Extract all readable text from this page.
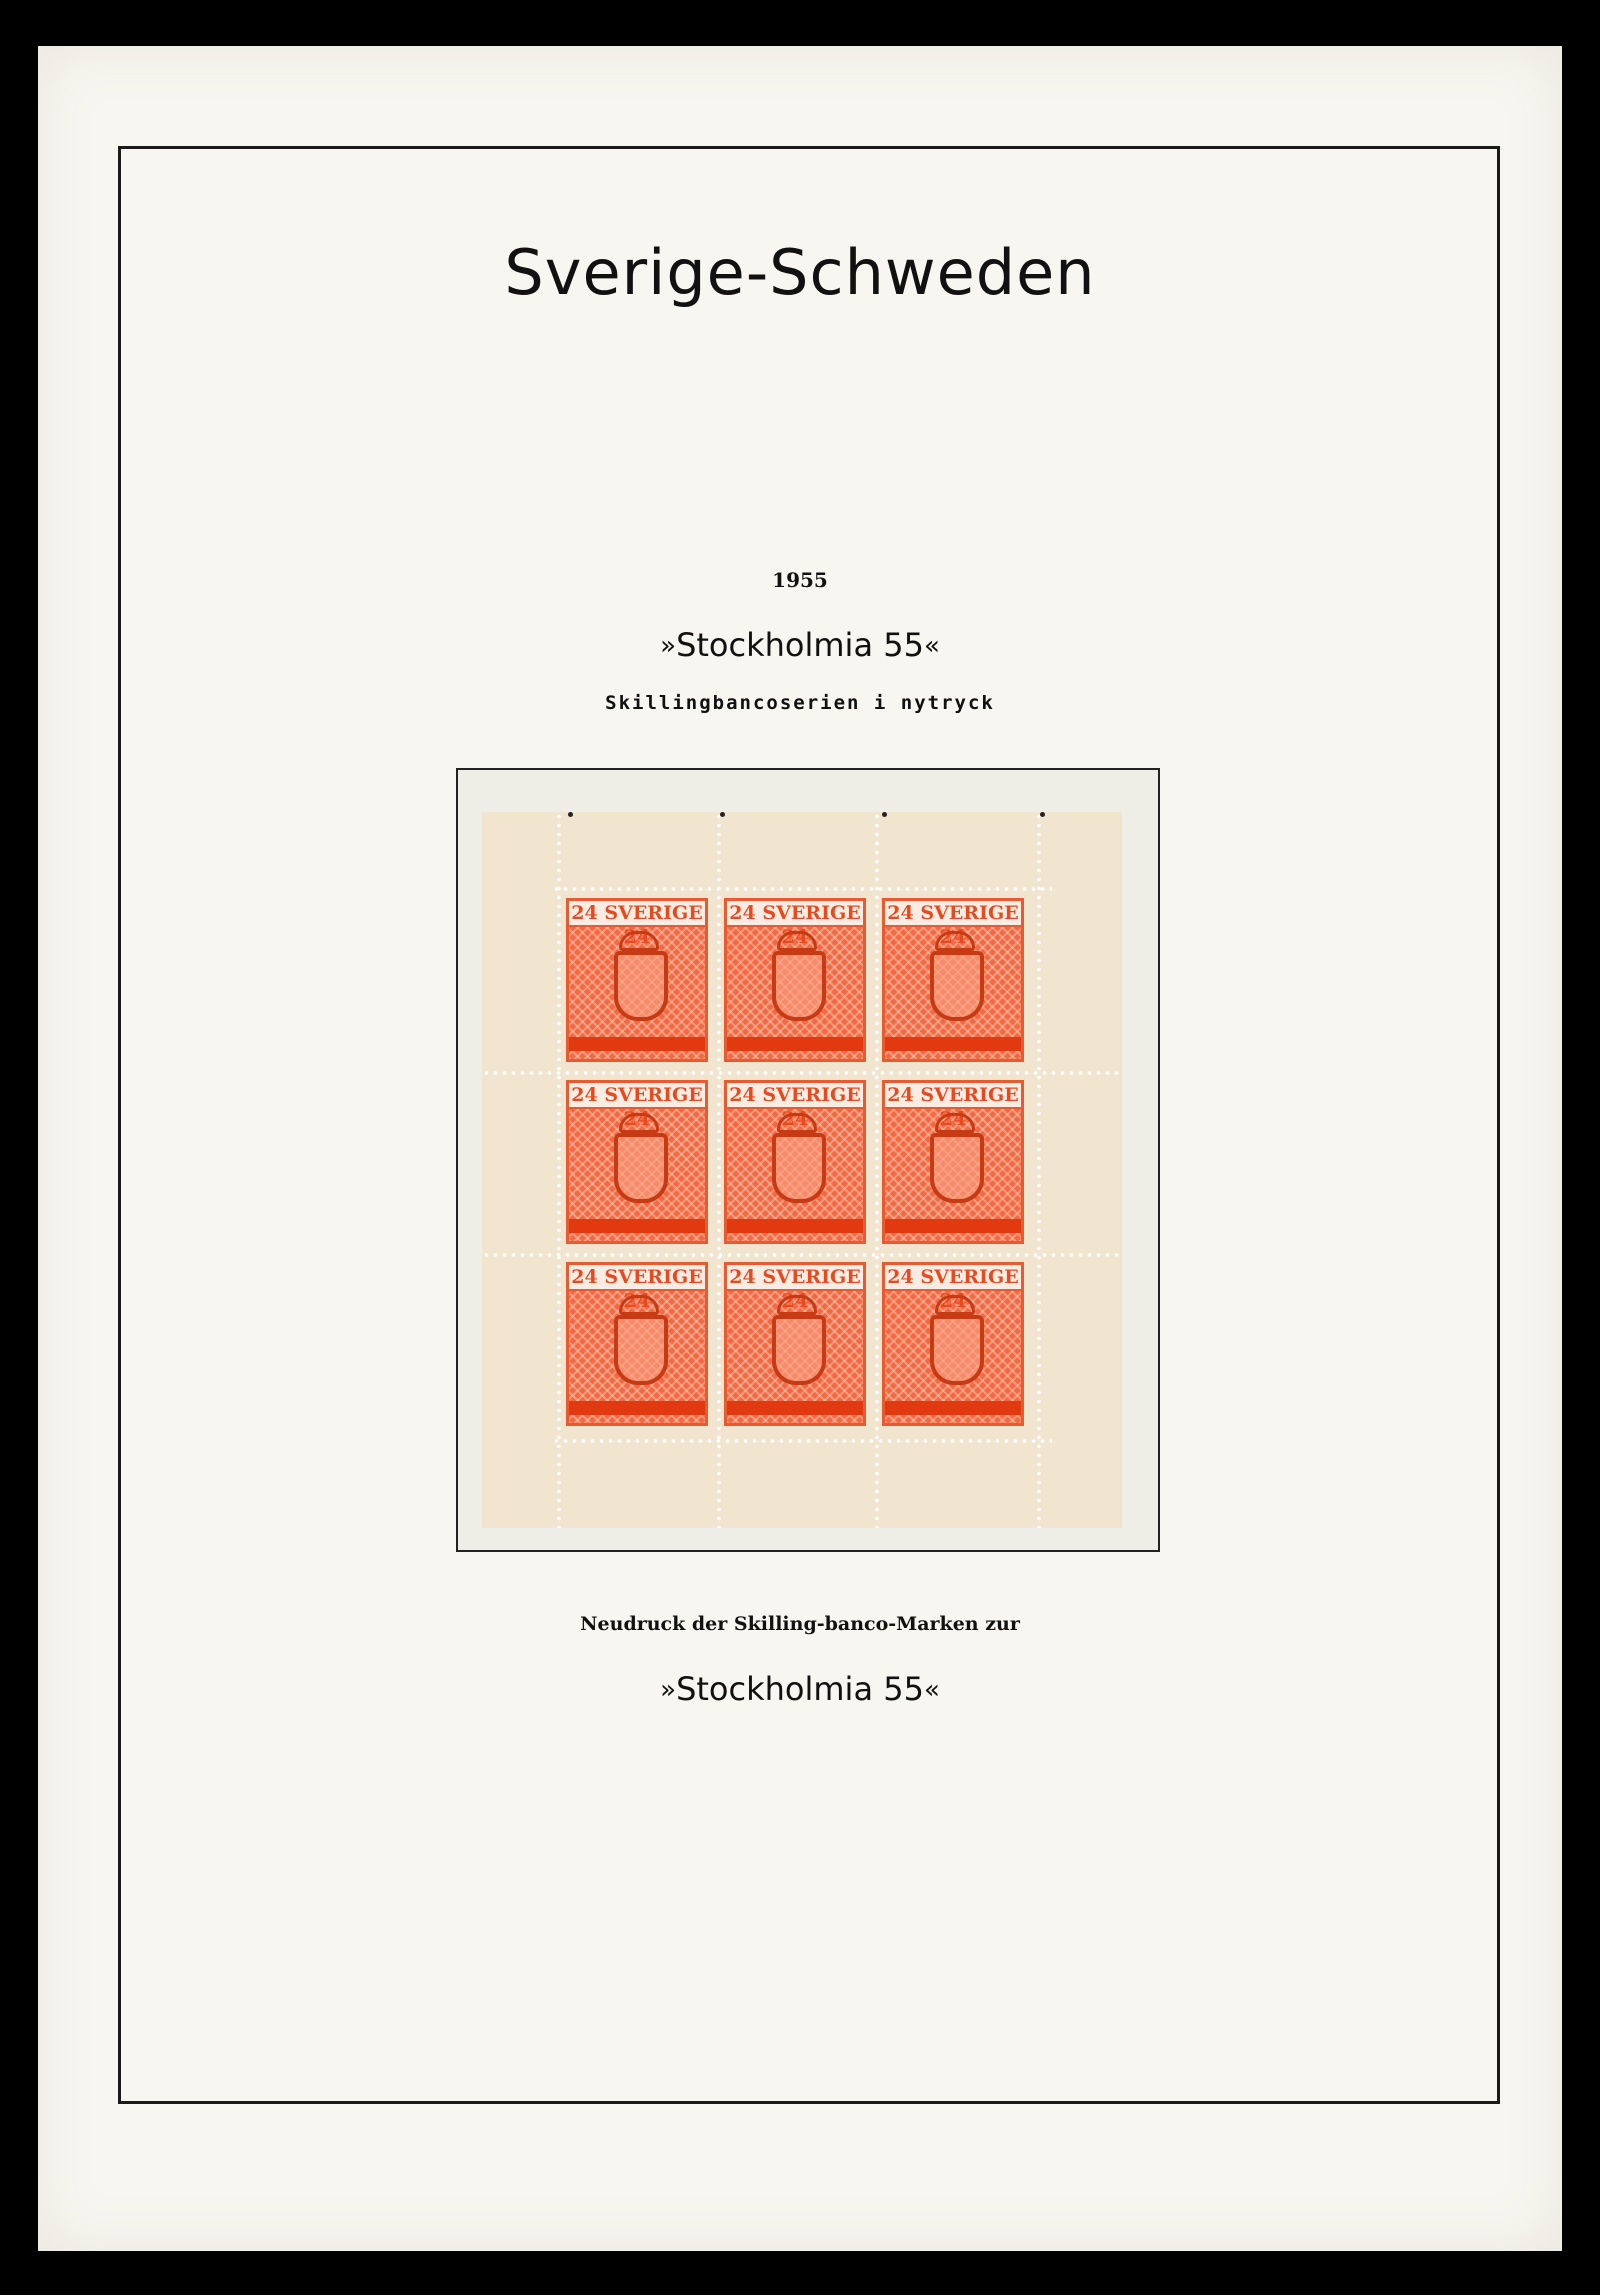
Sverige-Schweden
1955
»Stockholmia 55«
Skillingbancoserien i nytryck
24 SVERIGE 24
24 SVERIGE 24
24 SVERIGE 24
24 SVERIGE 24
24 SVERIGE 24
24 SVERIGE 24
24 SVERIGE 24
24 SVERIGE 24
24 SVERIGE 24
Neudruck der Skilling-banco-Marken zur
»Stockholmia 55«
